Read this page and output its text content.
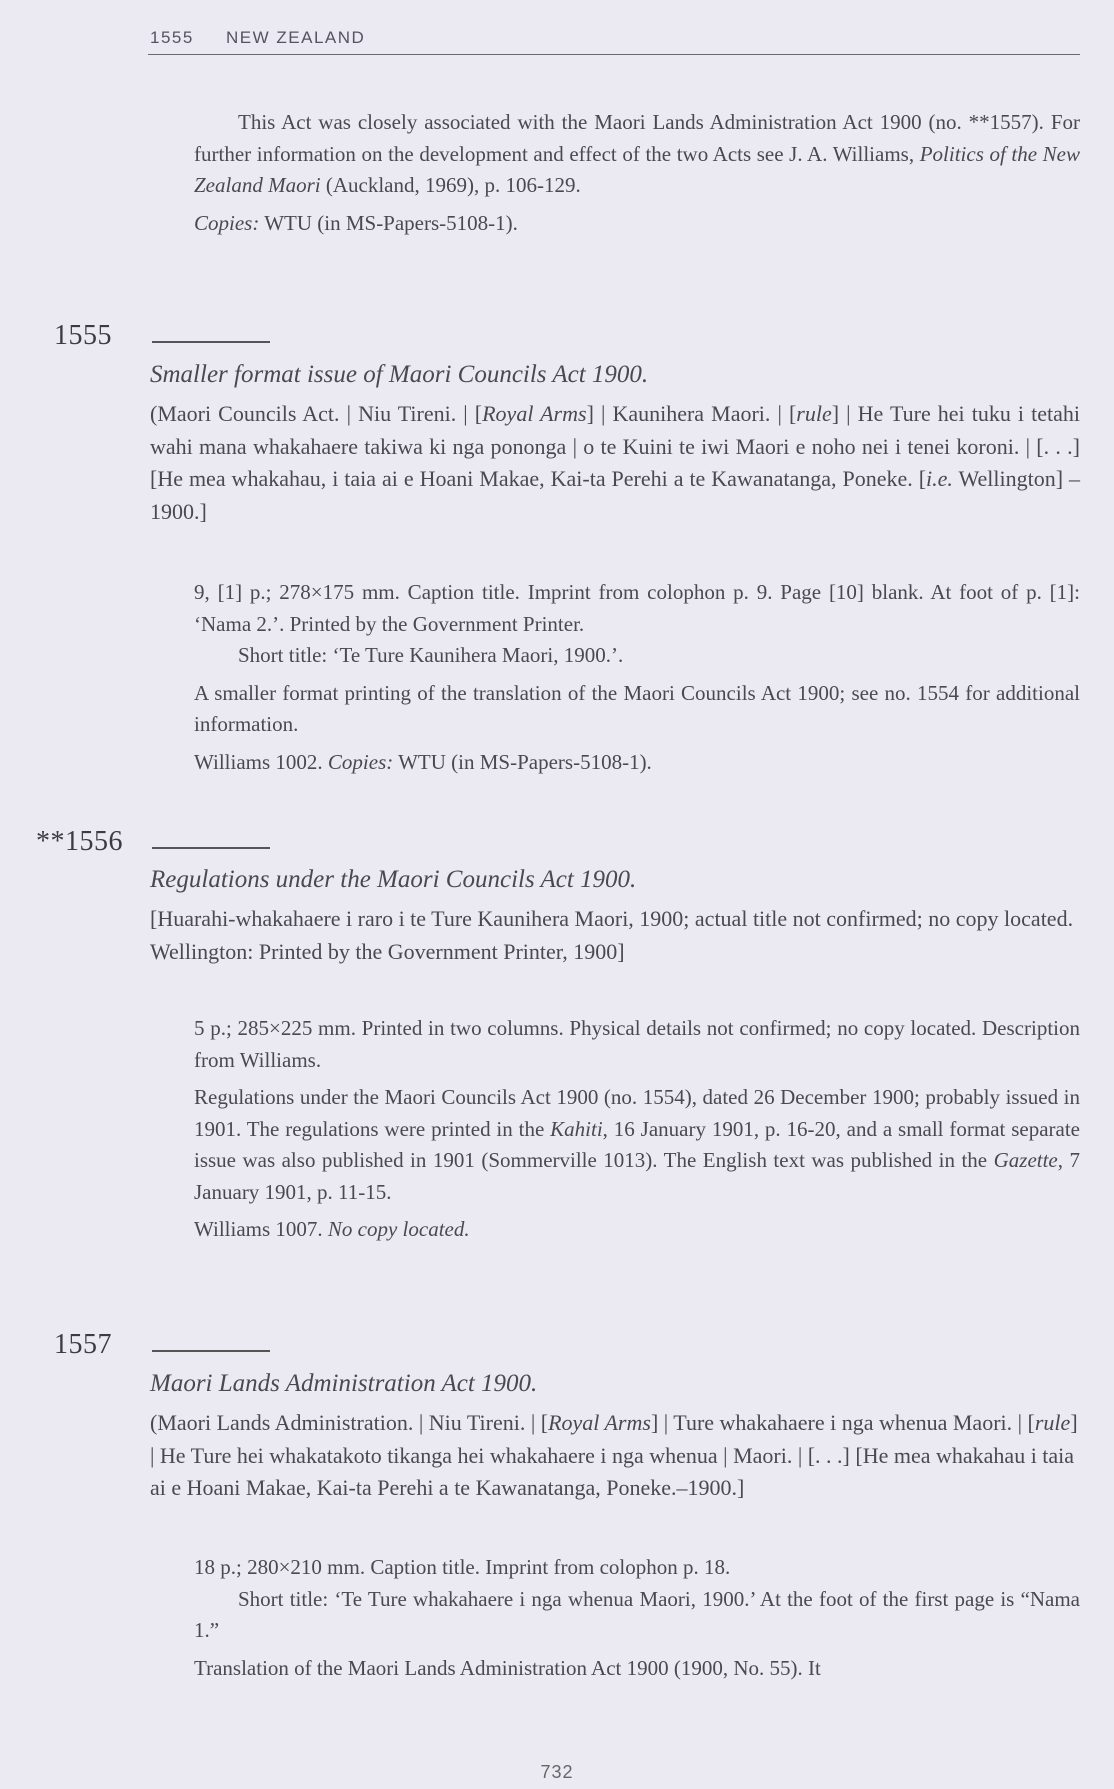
1555 NEW ZEALAND

This Act was closely associated with the Maori Lands Administration Act 1900 (no. **1557). For further information on the development and effect of the two Acts see J. A. Williams, Politics of the New Zealand Maori (Auckland, 1969), p. 106-129.

Copies: WTU (in MS-Papers-5108-1).

1555
Smaller format issue of Maori Councils Act 1900.
(Maori Councils Act. | Niu Tireni. | [Royal Arms] | Kaunihera Maori. | [rule] | He Ture hei tuku i tetahi wahi mana whakahaere takiwa ki nga pononga | o te Kuini te iwi Maori e noho nei i tenei koroni. | [. . .] [He mea whakahau, i taia ai e Hoani Makae, Kai-ta Perehi a te Kawanatanga, Poneke. [i.e. Wellington] –1900.]

9, [1] p.; 278×175 mm. Caption title. Imprint from colophon p. 9. Page [10] blank. At foot of p. [1]: ‘Nama 2.’. Printed by the Government Printer.

Short title: ‘Te Ture Kaunihera Maori, 1900.’.

A smaller format printing of the translation of the Maori Councils Act 1900; see no. 1554 for additional information.

Williams 1002. Copies: WTU (in MS-Papers-5108-1).

**1556
Regulations under the Maori Councils Act 1900.
[Huarahi-whakahaere i raro i te Ture Kaunihera Maori, 1900; actual title not confirmed; no copy located. Wellington: Printed by the Government Printer, 1900]

5 p.; 285×225 mm. Printed in two columns. Physical details not confirmed; no copy located. Description from Williams.

Regulations under the Maori Councils Act 1900 (no. 1554), dated 26 December 1900; probably issued in 1901. The regulations were printed in the Kahiti, 16 January 1901, p. 16-20, and a small format separate issue was also published in 1901 (Sommerville 1013). The English text was published in the Gazette, 7 January 1901, p. 11-15.

Williams 1007. No copy located.

1557
Maori Lands Administration Act 1900.
(Maori Lands Administration. | Niu Tireni. | [Royal Arms] | Ture whakahaere i nga whenua Maori. | [rule] | He Ture hei whakatakoto tikanga hei whakahaere i nga whenua | Maori. | [. . .] [He mea whakahau i taia ai e Hoani Makae, Kai-ta Perehi a te Kawanatanga, Poneke.–1900.]

18 p.; 280×210 mm. Caption title. Imprint from colophon p. 18.

Short title: ‘Te Ture whakahaere i nga whenua Maori, 1900.’ At the foot of the first page is “Nama 1.”

Translation of the Maori Lands Administration Act 1900 (1900, No. 55). It

732
